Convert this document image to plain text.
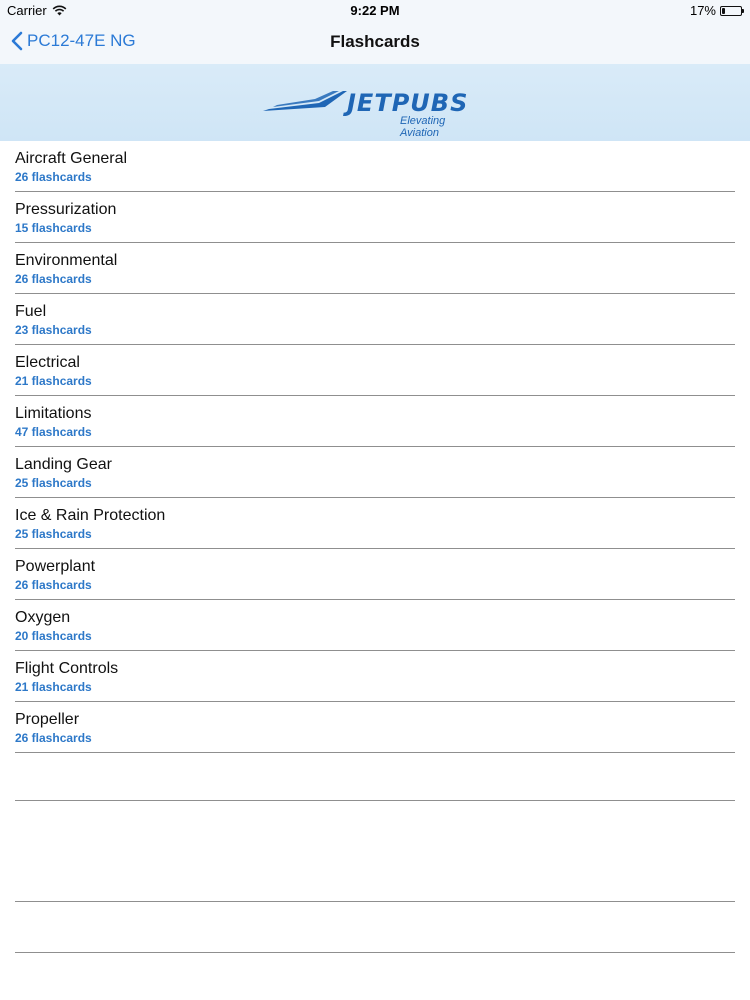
Carrier	9:22 PM	17%
PC12-47E NG	Flashcards
JETPUBS
Elevating Aviation
Aircraft General
26 flashcards
Pressurization
15 flashcards
Environmental
26 flashcards
Fuel
23 flashcards
Electrical
21 flashcards
Limitations
47 flashcards
Landing Gear
25 flashcards
Ice & Rain Protection
25 flashcards
Powerplant
26 flashcards
Oxygen
20 flashcards
Flight Controls
21 flashcards
Propeller
26 flashcards
